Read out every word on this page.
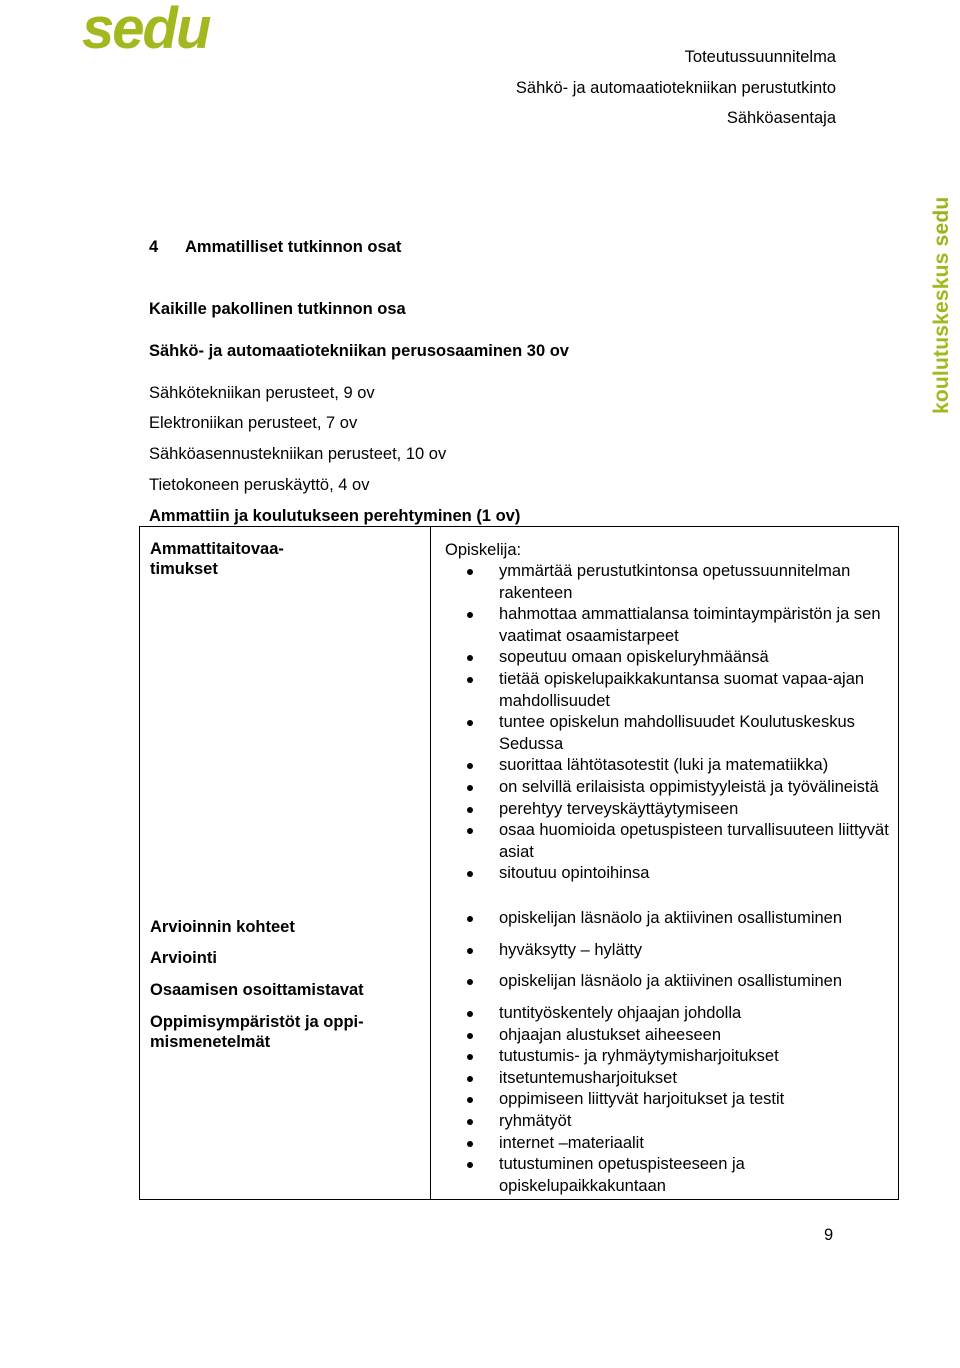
sedu	Toteutussuunnitelma
Sähkö- ja automaatiotekniikan perustutkinto
Sähköasentaja
koulutuskeskus sedu
4 Ammatilliset tutkinnon osat
Kaikille pakollinen tutkinnon osa
Sähkö- ja automaatiotekniikan perusosaaminen 30 ov
Sähkötekniikan perusteet, 9 ov
Elektroniikan perusteet, 7 ov
Sähköasennustekniikan perusteet, 10 ov
Tietokoneen peruskäyttö, 4 ov
Ammattiin ja koulutukseen perehtyminen (1 ov)
Ammattitaitovaa-
timukset
Opiskelija:
ymmärtää perustutkintonsa opetussuunnitelman rakenteen
hahmottaa ammattialansa toimintaympäristön ja sen vaatimat osaamistarpeet
sopeutuu omaan opiskeluryhmäänsä
tietää opiskelupaikkakuntansa suomat vapaa-ajan mahdollisuudet
tuntee opiskelun mahdollisuudet Koulutuskeskus Sedussa
suorittaa lähtötasotestit (luki ja matematiikka)
on selvillä erilaisista oppimistyyleistä ja työvälineistä
perehtyy terveyskäyttäytymiseen
osaa huomioida opetuspisteen turvallisuuteen liittyvät asiat
sitoutuu opintoihinsa
Arvioinnin kohteet	opiskelijan läsnäolo ja aktiivinen osallistuminen
Arviointi	hyväksytty – hylätty
Osaamisen osoittamistavat	opiskelijan läsnäolo ja aktiivinen osallistuminen
Oppimisympäristöt ja oppi-
mismenetelmät
tuntityöskentely ohjaajan johdolla
ohjaajan alustukset aiheeseen
tutustumis- ja ryhmäytymisharjoitukset
itsetuntemusharjoitukset
oppimiseen liittyvät harjoitukset ja testit
ryhmätyöt
internet –materiaalit
tutustuminen opetuspisteeseen ja opiskelupaikkakuntaan
9
